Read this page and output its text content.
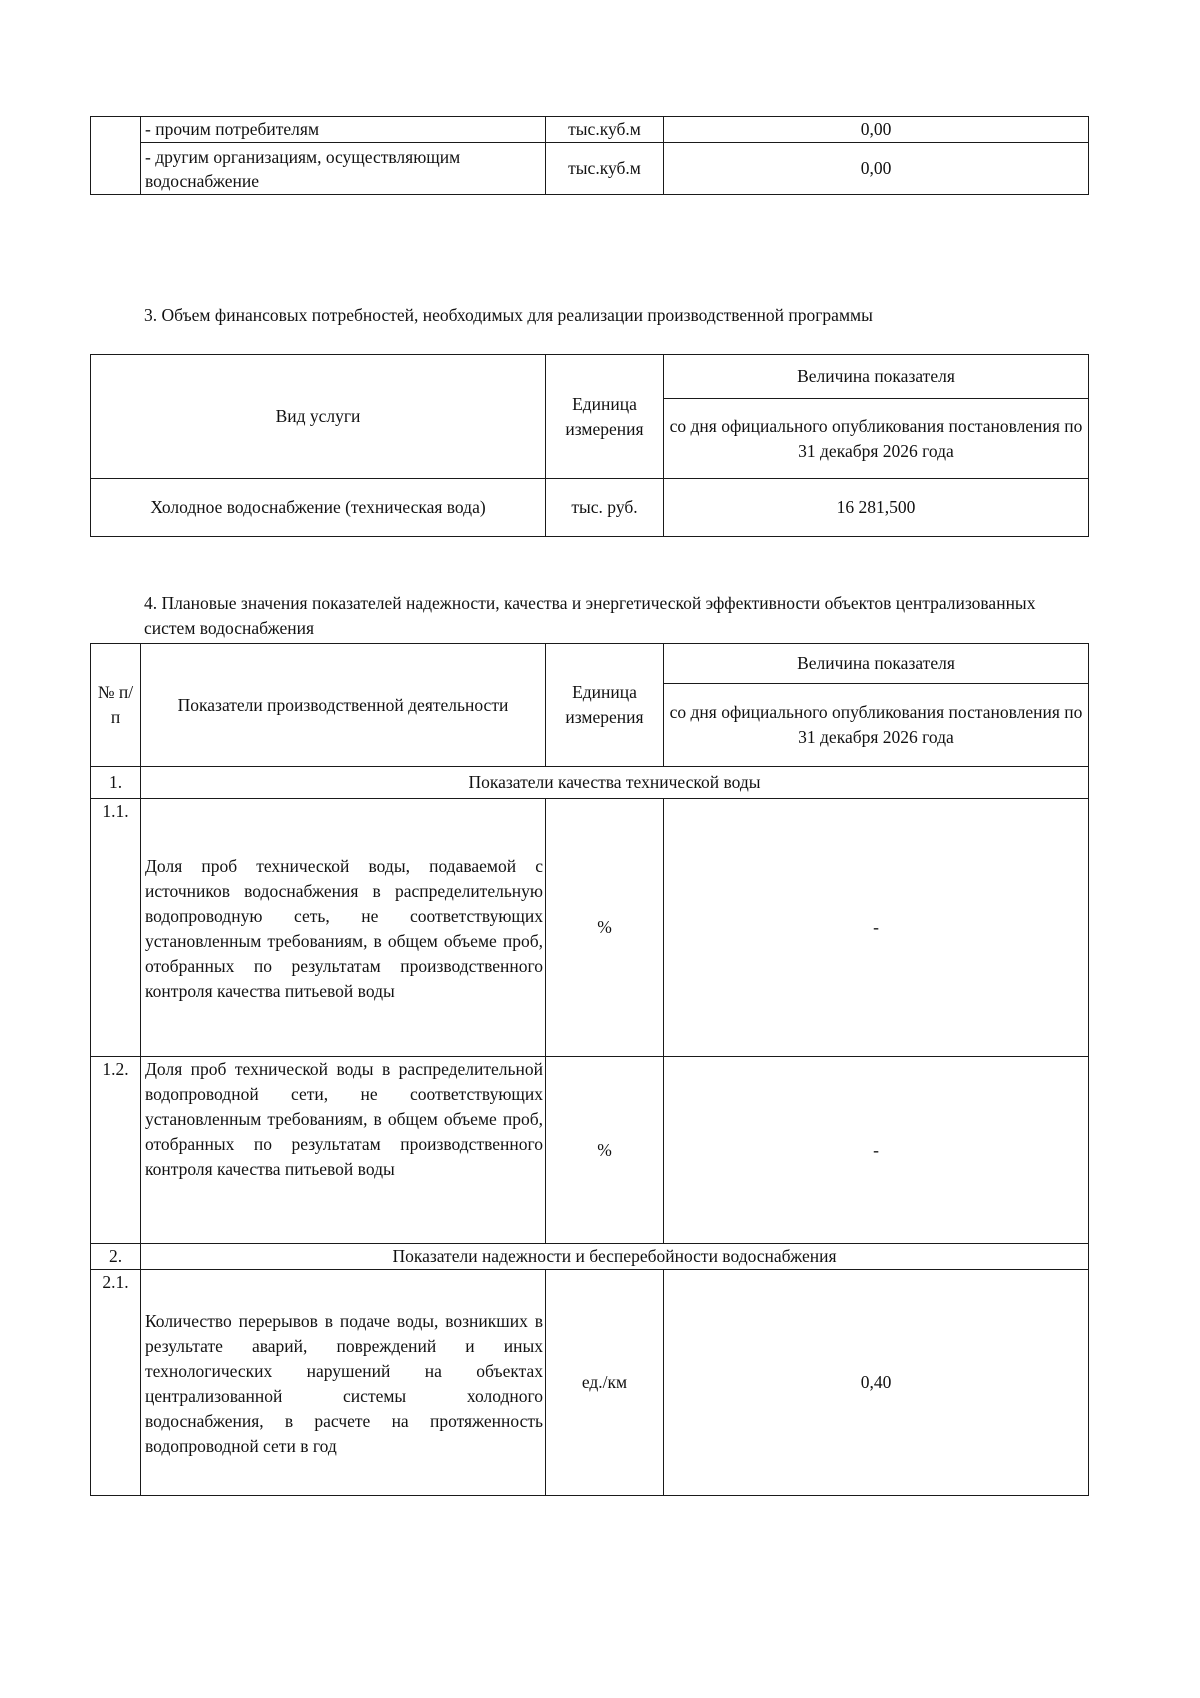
	- прочим потребителям	тыс.куб.м	0,00
	- другим организациям, осуществляющим водоснабжение	тыс.куб.м	0,00

3. Объем финансовых потребностей, необходимых для реализации производственной программы

Вид услуги	Единица измерения	Величина показателя
		со дня официального опубликования постановления по 31 декабря 2026 года
Холодное водоснабжение (техническая вода)	тыс. руб.	16 281,500

4. Плановые значения показателей надежности, качества и энергетической эффективности объектов централизованных систем водоснабжения

№ п/п	Показатели производственной деятельности	Единица измерения	Величина показателя
			со дня официального опубликования постановления по 31 декабря 2026 года
1.	Показатели качества технической воды		
1.1.	Доля проб технической воды, подаваемой с источников водоснабжения в распределительную водопроводную сеть, не соответствующих установленным требованиям, в общем объеме проб, отобранных по результатам производственного контроля качества питьевой воды	%	-
1.2.	Доля проб технической воды в распределительной водопроводной сети, не соответствующих установленным требованиям, в общем объеме проб, отобранных по результатам производственного контроля качества питьевой воды	%	-
2.	Показатели надежности и бесперебойности водоснабжения		
2.1.	Количество перерывов в подаче воды, возникших в результате аварий, повреждений и иных технологических нарушений на объектах централизованной системы холодного водоснабжения, в расчете на протяженность водопроводной сети в год	ед./км	0,40
